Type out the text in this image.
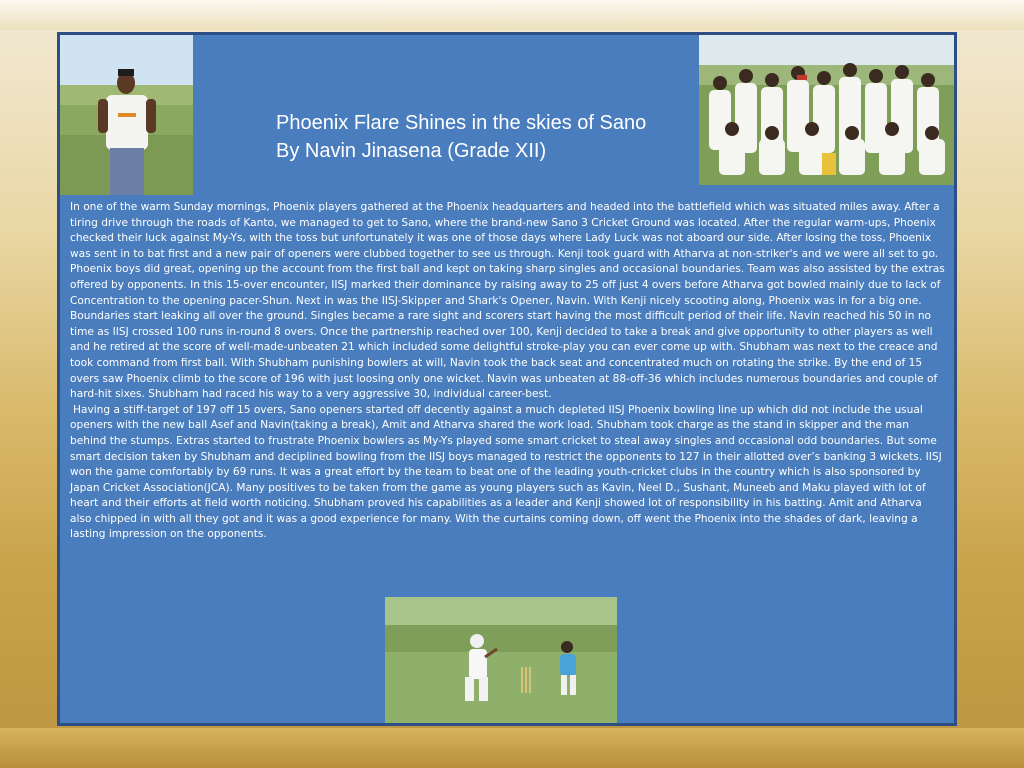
Phoenix Flare Shines in the skies of Sano
By Navin Jinasena (Grade XII)

In one of the warm Sunday mornings, Phoenix players gathered at the Phoenix headquarters and headed into the battlefield which was situated miles away. After a tiring drive through the roads of Kanto, we managed to get to Sano, where the brand-new Sano 3 Cricket Ground was located. After the regular warm-ups, Phoenix checked their luck against My-Ys, with the toss but unfortunately it was one of those days where Lady Luck was not aboard our side. After losing the toss, Phoenix was sent in to bat first and a new pair of openers were clubbed together to see us through. Kenji took guard with Atharva at non-striker's and we were all set to go. Phoenix boys did great, opening up the account from the first ball and kept on taking sharp singles and occasional boundaries. Team was also assisted by the extras offered by opponents. In this 15-over encounter, IISJ marked their dominance by raising away to 25 off just 4 overs before Atharva got bowled mainly due to lack of Concentration to the opening pacer-Shun. Next in was the IISJ-Skipper and Shark's Opener, Navin. With Kenji nicely scooting along, Phoenix was in for a big one. Boundaries start leaking all over the ground. Singles became a rare sight and scorers start having the most difficult period of their life. Navin reached his 50 in no time as IISJ crossed 100 runs in-round 8 overs. Once the partnership reached over 100, Kenji decided to take a break and give opportunity to other players as well and he retired at the score of well-made-unbeaten 21 which included some delightful stroke-play you can ever come up with. Shubham was next to the creace and took command from first ball. With Shubham punishing bowlers at will, Navin took the back seat and concentrated much on rotating the strike. By the end of 15 overs saw Phoenix climb to the score of 196 with just loosing only one wicket. Navin was unbeaten at 88-off-36 which includes numerous boundaries and couple of hard-hit sixes. Shubham had raced his way to a very aggressive 30, individual career-best.

Having a stiff-target of 197 off 15 overs, Sano openers started off decently against a much depleted IISJ Phoenix bowling line up which did not include the usual openers with the new ball Asef and Navin(taking a break), Amit and Atharva shared the work load. Shubham took charge as the stand in skipper and the man behind the stumps. Extras started to frustrate Phoenix bowlers as My-Ys played some smart cricket to steal away singles and occasional odd boundaries. But some smart decision taken by Shubham and deciplined bowling from the IISJ boys managed to restrict the opponents to 127 in their allotted over’s banking 3 wickets. IISJ won the game comfortably by 69 runs. It was a great effort by the team to beat one of the leading youth-cricket clubs in the country which is also sponsored by Japan Cricket Association(JCA). Many positives to be taken from the game as young players such as Kavin, Neel D., Sushant, Muneeb and Maku played with lot of heart and their efforts at field worth noticing. Shubham proved his capabilities as a leader and Kenji showed lot of responsibility in his batting. Amit and Atharva also chipped in with all they got and it was a good experience for many. With the curtains coming down, off went the Phoenix into the shades of dark, leaving a lasting impression on the opponents.
